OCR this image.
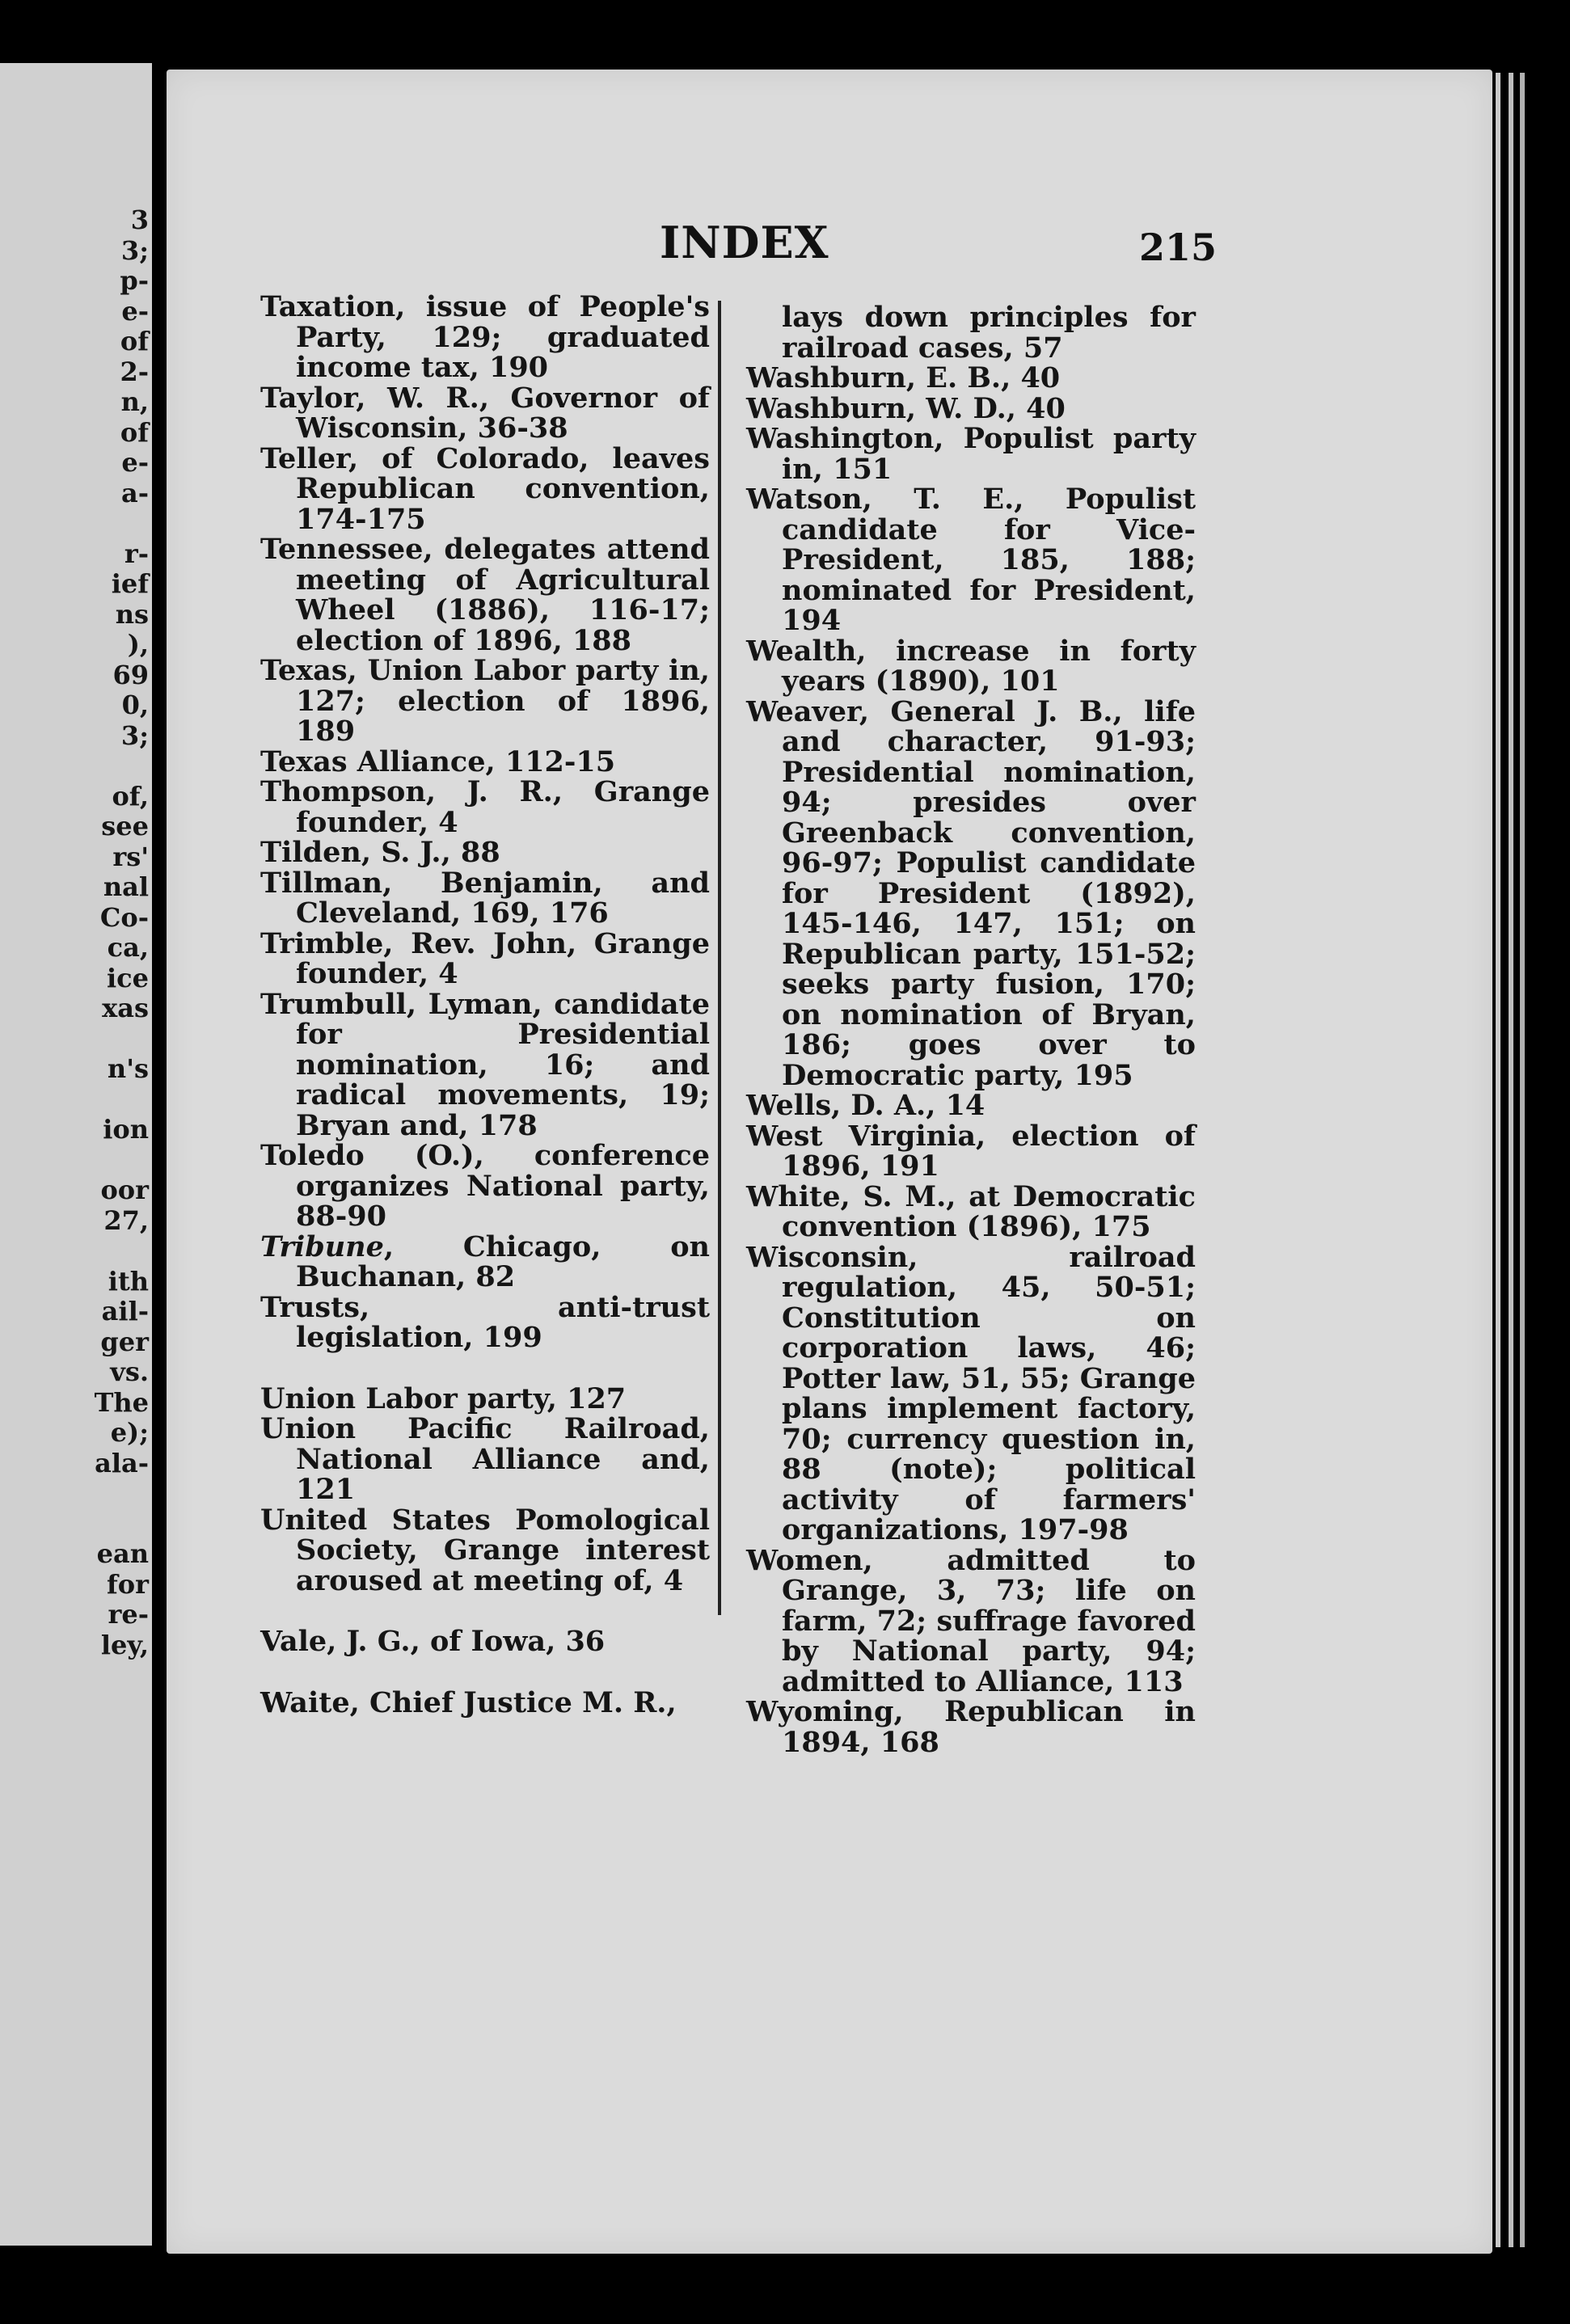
3
3;
p-
e-
of
2-
n,
of
e-
a-
r-
ief
ns
),
69
0,
3;
of,
see
rs'
nal
Co-
ca,
ice
xas
n's
ion
oor
27,
ith
ail-
ger
vs.
The
e);
ala-
ean
for
re-
ley,
INDEX	215
Taxation, issue of People's Party, 129; graduated income tax, 190
Taylor, W. R., Governor of Wisconsin, 36-38
Teller, of Colorado, leaves Republican convention, 174-175
Tennessee, delegates attend meeting of Agricultural Wheel (1886), 116-17; election of 1896, 188
Texas, Union Labor party in, 127; election of 1896, 189
Texas Alliance, 112-15
Thompson, J. R., Grange founder, 4
Tilden, S. J., 88
Tillman, Benjamin, and Cleveland, 169, 176
Trimble, Rev. John, Grange founder, 4
Trumbull, Lyman, candidate for Presidential nomination, 16; and radical movements, 19; Bryan and, 178
Toledo (O.), conference organizes National party, 88-90
Tribune, Chicago, on Buchanan, 82
Trusts, anti-trust legislation, 199
Union Labor party, 127
Union Pacific Railroad, National Alliance and, 121
United States Pomological Society, Grange interest aroused at meeting of, 4
Vale, J. G., of Iowa, 36
Waite, Chief Justice M. R.,
lays down principles for railroad cases, 57
Washburn, E. B., 40
Washburn, W. D., 40
Washington, Populist party in, 151
Watson, T. E., Populist candidate for Vice-President, 185, 188; nominated for President, 194
Wealth, increase in forty years (1890), 101
Weaver, General J. B., life and character, 91-93; Presidential nomination, 94; presides over Greenback convention, 96-97; Populist candidate for President (1892), 145-146, 147, 151; on Republican party, 151-52; seeks party fusion, 170; on nomination of Bryan, 186; goes over to Democratic party, 195
Wells, D. A., 14
West Virginia, election of 1896, 191
White, S. M., at Democratic convention (1896), 175
Wisconsin, railroad regulation, 45, 50-51; Constitution on corporation laws, 46; Potter law, 51, 55; Grange plans implement factory, 70; currency question in, 88 (note); political activity of farmers' organizations, 197-98
Women, admitted to Grange, 3, 73; life on farm, 72; suffrage favored by National party, 94; admitted to Alliance, 113
Wyoming, Republican in 1894, 168
